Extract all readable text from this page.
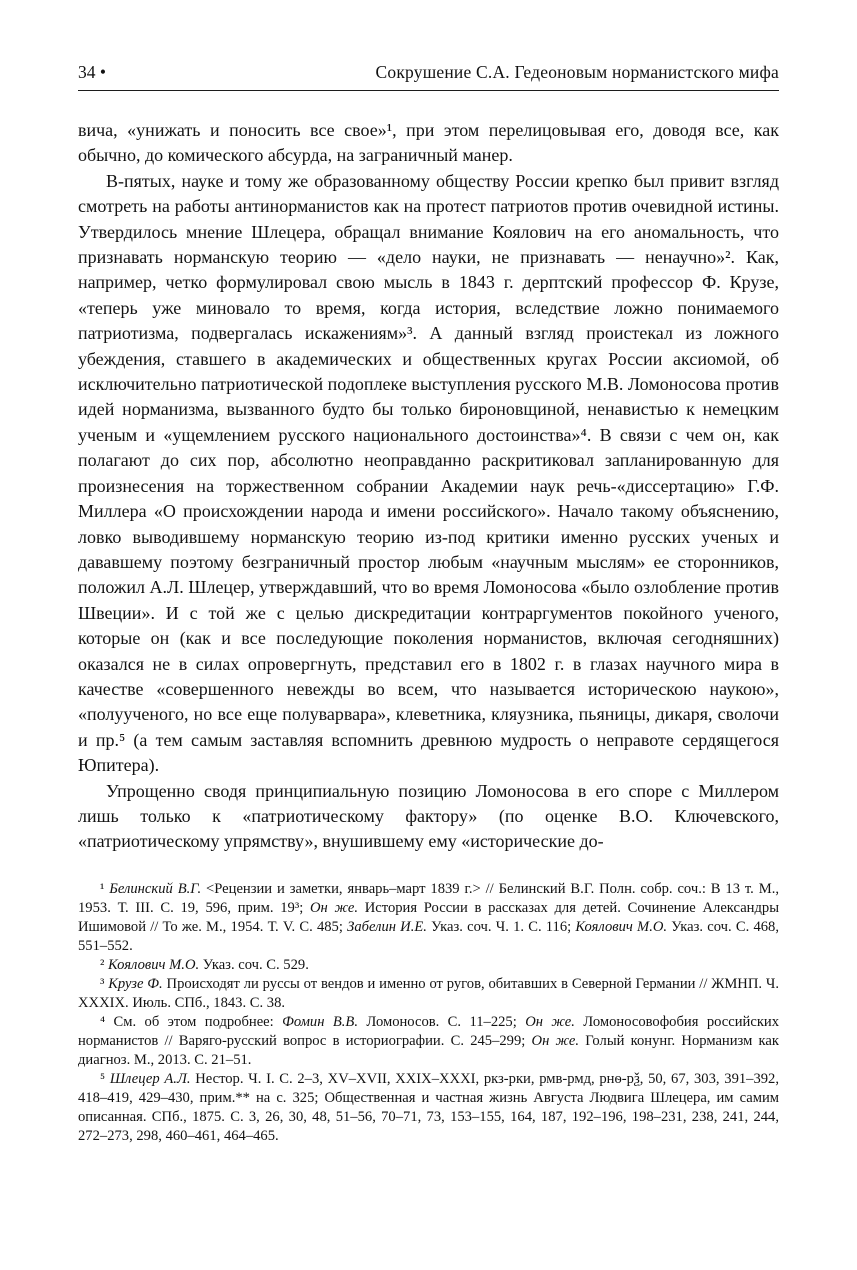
34 •	Сокрушение С.А. Гедеоновым норманистского мифа

вича, «унижать и поносить все свое»¹, при этом перелицовывая его, доводя все, как обычно, до комического абсурда, на заграничный манер.

В-пятых, науке и тому же образованному обществу России крепко был привит взгляд смотреть на работы антинорманистов как на протест патриотов против очевидной истины. Утвердилось мнение Шлецера, обращал внимание Коялович на его аномальность, что признавать норманскую теорию — «дело науки, не признавать — ненаучно»². Как, например, четко формулировал свою мысль в 1843 г. дерптский профессор Ф. Крузе, «теперь уже миновало то время, когда история, вследствие ложно понимаемого патриотизма, подвергалась искажениям»³. А данный взгляд проистекал из ложного убеждения, ставшего в академических и общественных кругах России аксиомой, об исключительно патриотической подоплеке выступления русского М.В. Ломоносова против идей норманизма, вызванного будто бы только бироновщиной, ненавистью к немецким ученым и «ущемлением русского национального достоинства»⁴. В связи с чем он, как полагают до сих пор, абсолютно неоправданно раскритиковал запланированную для произнесения на торжественном собрании Академии наук речь-«диссертацию» Г.Ф. Миллера «О происхождении народа и имени российского». Начало такому объяснению, ловко выводившему норманскую теорию из-под критики именно русских ученых и дававшему поэтому безграничный простор любым «научным мыслям» ее сторонников, положил А.Л. Шлецер, утверждавший, что во время Ломоносова «было озлобление против Швеции». И с той же с целью дискредитации контраргументов покойного ученого, которые он (как и все последующие поколения норманистов, включая сегодняшних) оказался не в силах опровергнуть, представил его в 1802 г. в глазах научного мира в качестве «совершенного невежды во всем, что называется историческою наукою», «полуученого, но все еще полуварвара», клеветника, кляузника, пьяницы, дикаря, сволочи и пр.⁵ (а тем самым заставляя вспомнить древнюю мудрость о неправоте сердящегося Юпитера).

Упрощенно сводя принципиальную позицию Ломоносова в его споре с Миллером лишь только к «патриотическому фактору» (по оценке В.О. Ключевского, «патриотическому упрямству», внушившему ему «исторические до-

¹ Белинский В.Г. <Рецензии и заметки, январь–март 1839 г.> // Белинский В.Г. Полн. собр. соч.: В 13 т. М., 1953. Т. III. С. 19, 596, прим. 19³; Он же. История России в рассказах для детей. Сочинение Александры Ишимовой // То же. М., 1954. Т. V. С. 485; Забелин И.Е. Указ. соч. Ч. 1. С. 116; Коялович М.О. Указ. соч. С. 468, 551–552.

² Коялович М.О. Указ. соч. С. 529.

³ Крузе Ф. Происходят ли руссы от вендов и именно от ругов, обитавших в Северной Германии // ЖМНП. Ч. XXXIX. Июль. СПб., 1843. С. 38.

⁴ См. об этом подробнее: Фомин В.В. Ломоносов. С. 11–225; Он же. Ломоносовофобия российских норманистов // Варяго-русский вопрос в историографии. С. 245–299; Он же. Голый конунг. Норманизм как диагноз. М., 2013. С. 21–51.

⁵ Шлецер А.Л. Нестор. Ч. I. С. 2–3, XV–XVII, XXIX–XXXI, ркз-рки, рмв-рмд, рнѳ-рѯ, 50, 67, 303, 391–392, 418–419, 429–430, прим.** на с. 325; Общественная и частная жизнь Августа Людвига Шлецера, им самим описанная. СПб., 1875. С. 3, 26, 30, 48, 51–56, 70–71, 73, 153–155, 164, 187, 192–196, 198–231, 238, 241, 244, 272–273, 298, 460–461, 464–465.
